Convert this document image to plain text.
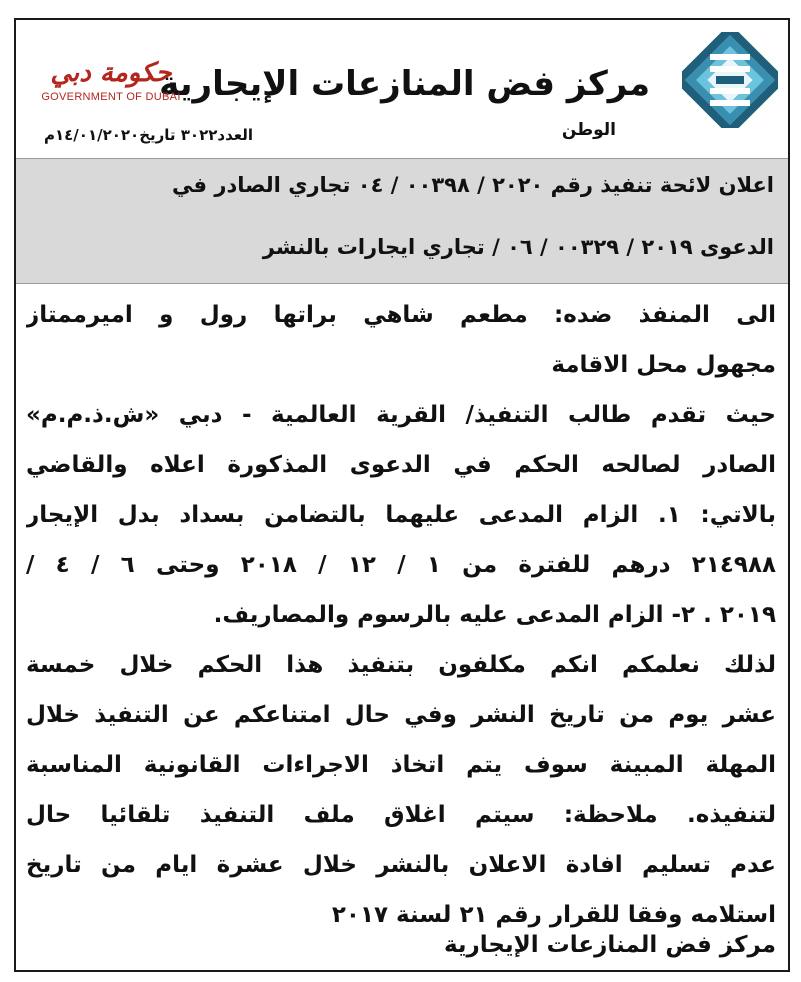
مركز فض المنازعات الإيجارية
الوطن
حكومة دبي
GOVERNMENT OF DUBAI
العدد٣٠٢٢ تاريخ١٤/٠١/٢٠٢٠م
اعلان لائحة تنفيذ رقم ٢٠٢٠ / ٠٠٣٩٨ / ٠٤ تجاري الصادر في
الدعوى ٢٠١٩ / ٠٠٣٢٩ / ٠٦ / تجاري ايجارات بالنشر
الى المنفذ ضده: مطعم شاهي براتها رول و اميرممتاز
مجهول محل الاقامة
حيث تقدم طالب التنفيذ/ القرية العالمية - دبي «ش.ذ.م.م»
الصادر لصالحه الحكم في الدعوى المذكورة اعلاه والقاضي
بالاتي: ١. الزام المدعى عليهما بالتضامن بسداد بدل الإيجار
٢١٤٩٨٨ درهم للفترة من ١ / ١٢ / ٢٠١٨ وحتى ٦ / ٤ /
٢٠١٩ . ٢- الزام المدعى عليه بالرسوم والمصاريف.
لذلك نعلمكم انكم مكلفون بتنفيذ هذا الحكم خلال خمسة
عشر يوم من تاريخ النشر وفي حال امتناعكم عن التنفيذ خلال
المهلة المبينة سوف يتم اتخاذ الاجراءات القانونية المناسبة
لتنفيذه. ملاحظة: سيتم اغلاق ملف التنفيذ تلقائيا حال
عدم تسليم افادة الاعلان بالنشر خلال عشرة ايام من تاريخ
استلامه وفقا للقرار رقم ٢١ لسنة ٢٠١٧
مركز فض المنازعات الإيجارية
